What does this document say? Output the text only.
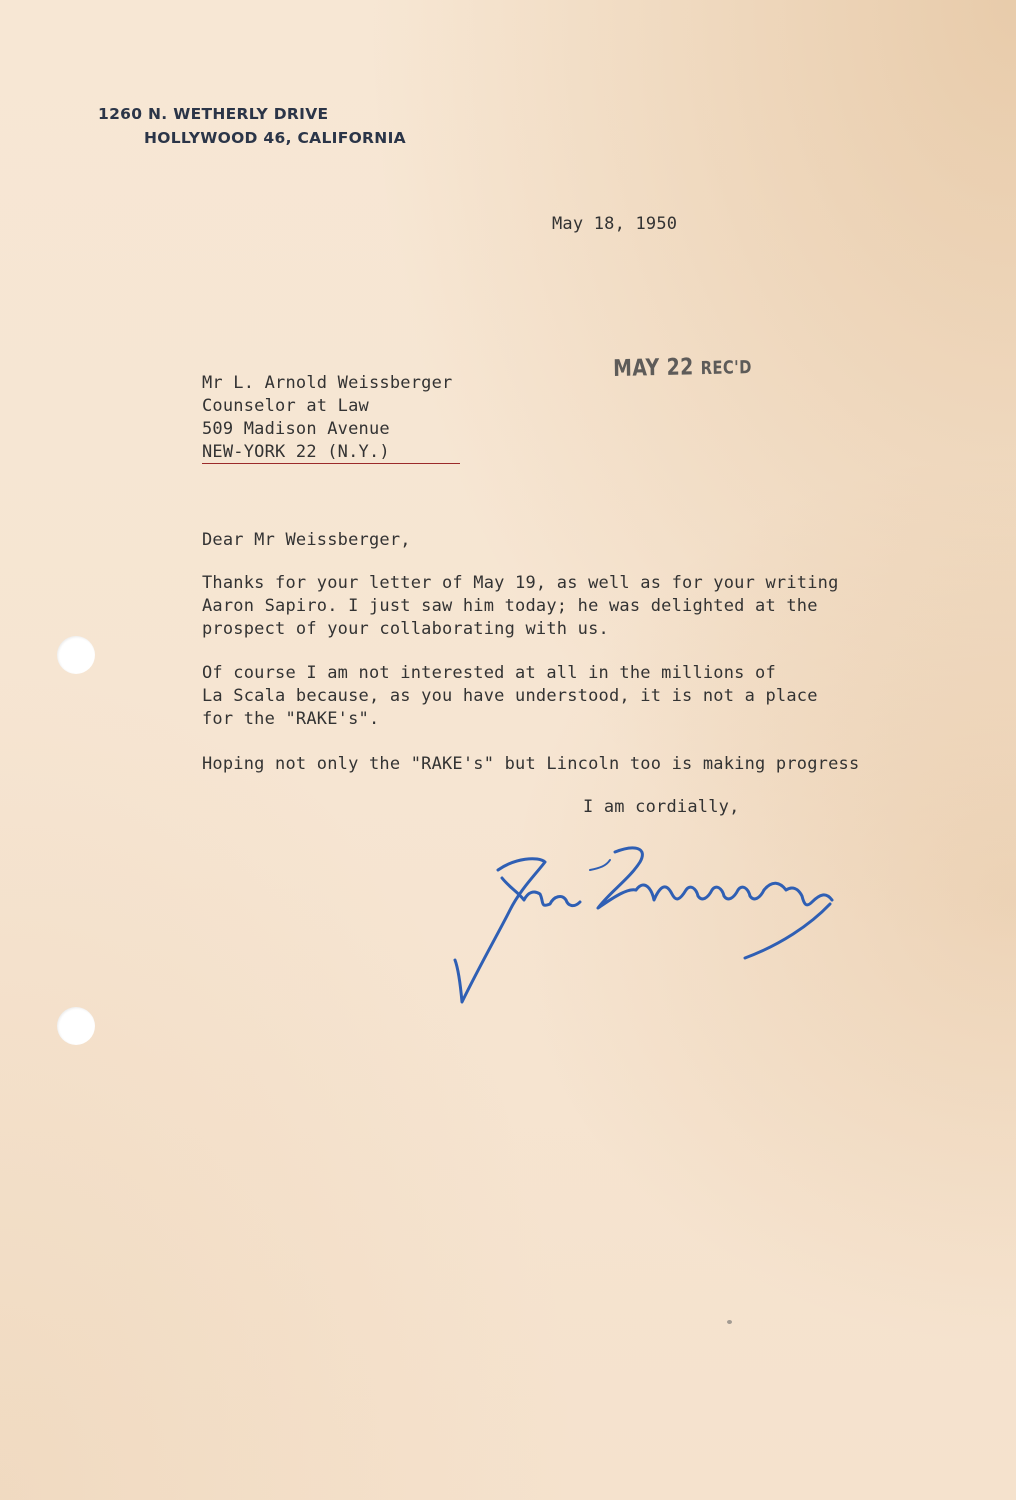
1260 N. WETHERLY DRIVE
HOLLYWOOD 46, CALIFORNIA
May 18, 1950
MAY 22 REC'D
Mr L. Arnold Weissberger
Counselor at Law
509 Madison Avenue
NEW-YORK 22 (N.Y.)
Dear Mr Weissberger,
Thanks for your letter of May 19, as well as for your writing
Aaron Sapiro. I just saw him today; he was delighted at the
prospect of your collaborating with us.
Of course I am not interested at all in the millions of
La Scala because, as you have understood, it is not a place
for the "RAKE's".
Hoping not only the "RAKE's" but Lincoln too is making progress
I am cordially,
